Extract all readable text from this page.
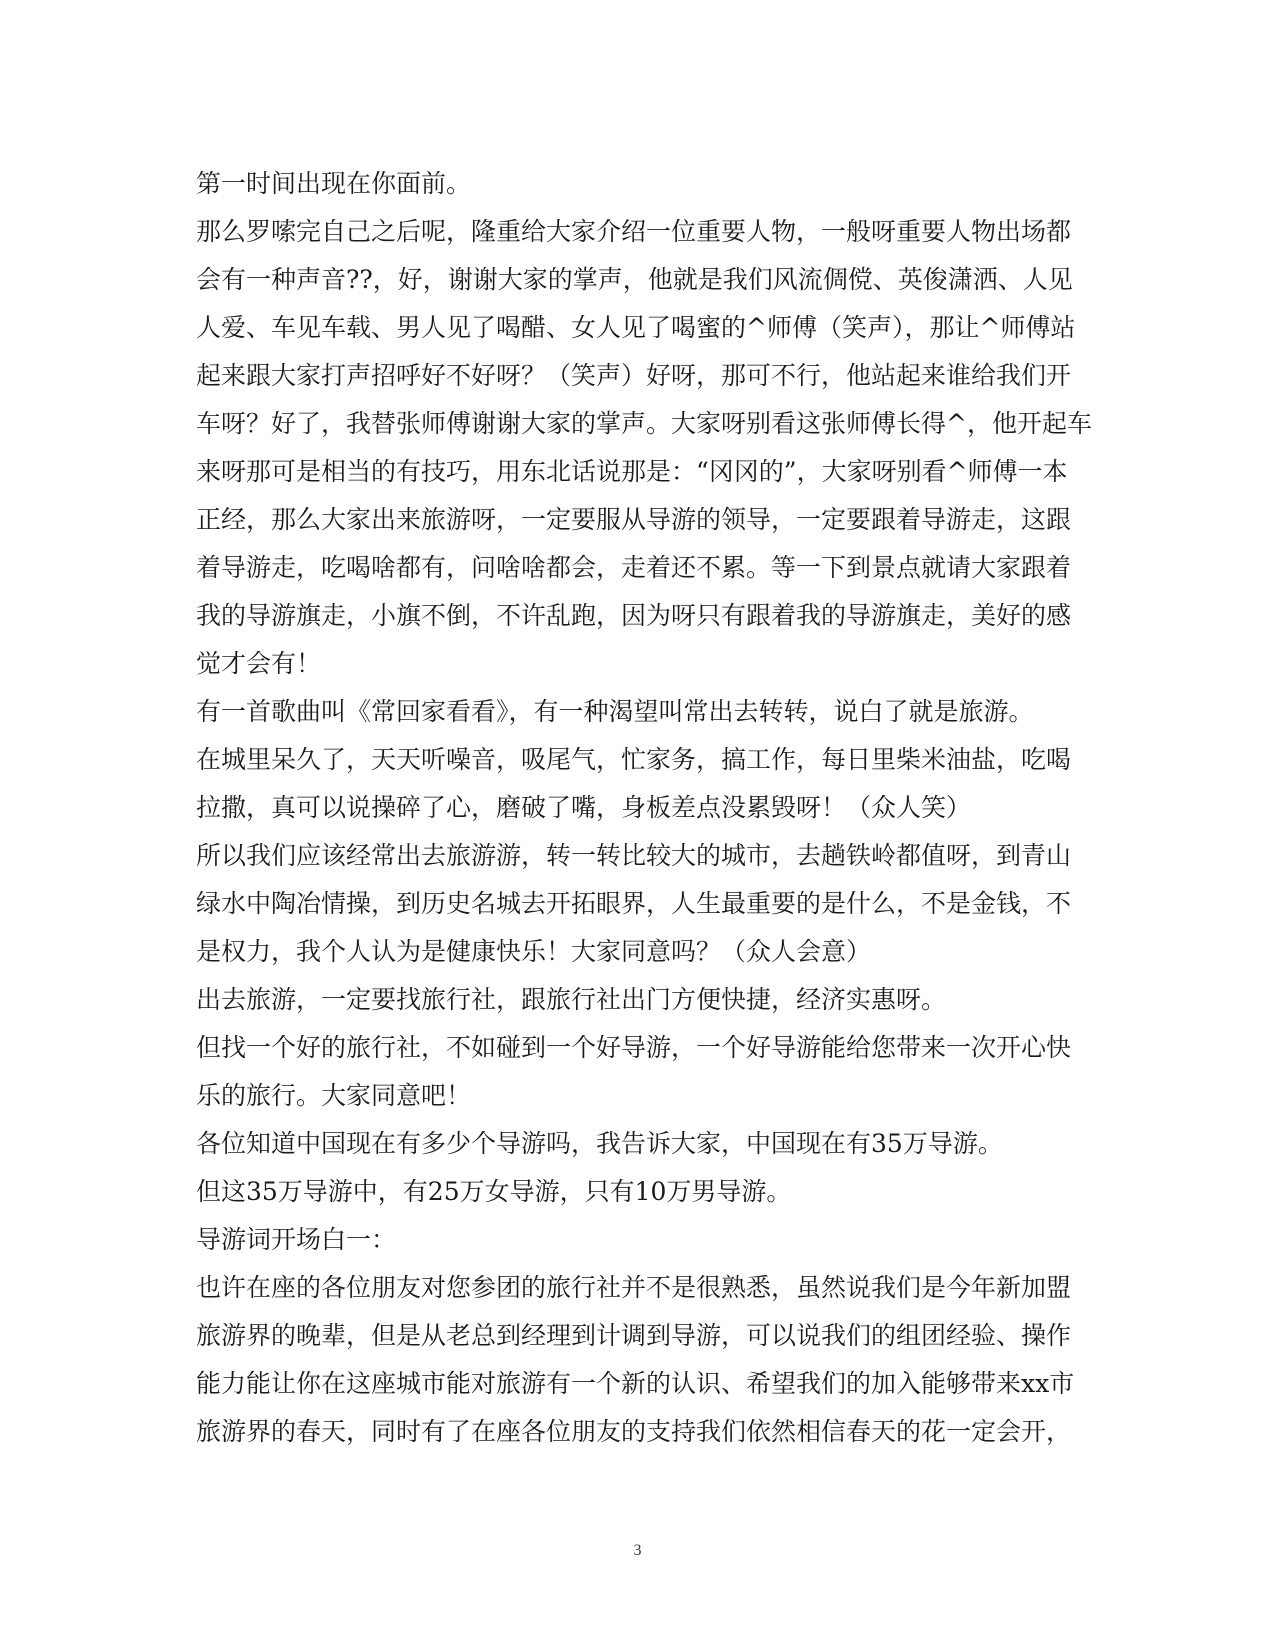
第一时间出现在你面前。
那么罗嗦完自己之后呢，隆重给大家介绍一位重要人物，一般呀重要人物出场都
会有一种声音??，好，谢谢大家的掌声，他就是我们风流倜傥、英俊潇洒、人见
人爱、车见车载、男人见了喝醋、女人见了喝蜜的^师傅（笑声），那让^师傅站
起来跟大家打声招呼好不好呀？（笑声）好呀，那可不行，他站起来谁给我们开
车呀？好了，我替张师傅谢谢大家的掌声。大家呀别看这张师傅长得^，他开起车
来呀那可是相当的有技巧，用东北话说那是：“冈冈的”，大家呀别看^师傅一本
正经，那么大家出来旅游呀，一定要服从导游的领导，一定要跟着导游走，这跟
着导游走，吃喝啥都有，问啥啥都会，走着还不累。等一下到景点就请大家跟着
我的导游旗走，小旗不倒，不许乱跑，因为呀只有跟着我的导游旗走，美好的感
觉才会有！
有一首歌曲叫《常回家看看》，有一种渴望叫常出去转转，说白了就是旅游。
在城里呆久了，天天听噪音，吸尾气，忙家务，搞工作，每日里柴米油盐，吃喝
拉撒，真可以说操碎了心，磨破了嘴，身板差点没累毁呀！（众人笑）
所以我们应该经常出去旅游游，转一转比较大的城市，去趟铁岭都值呀，到青山
绿水中陶冶情操，到历史名城去开拓眼界，人生最重要的是什么，不是金钱，不
是权力，我个人认为是健康快乐！大家同意吗？（众人会意）
出去旅游，一定要找旅行社，跟旅行社出门方便快捷，经济实惠呀。
但找一个好的旅行社，不如碰到一个好导游，一个好导游能给您带来一次开心快
乐的旅行。大家同意吧！
各位知道中国现在有多少个导游吗，我告诉大家，中国现在有35万导游。
但这35万导游中，有25万女导游，只有10万男导游。
导游词开场白一：
也许在座的各位朋友对您参团的旅行社并不是很熟悉，虽然说我们是今年新加盟
旅游界的晚辈，但是从老总到经理到计调到导游，可以说我们的组团经验、操作
能力能让你在这座城市能对旅游有一个新的认识、希望我们的加入能够带来xx市
旅游界的春天，同时有了在座各位朋友的支持我们依然相信春天的花一定会开，
3
